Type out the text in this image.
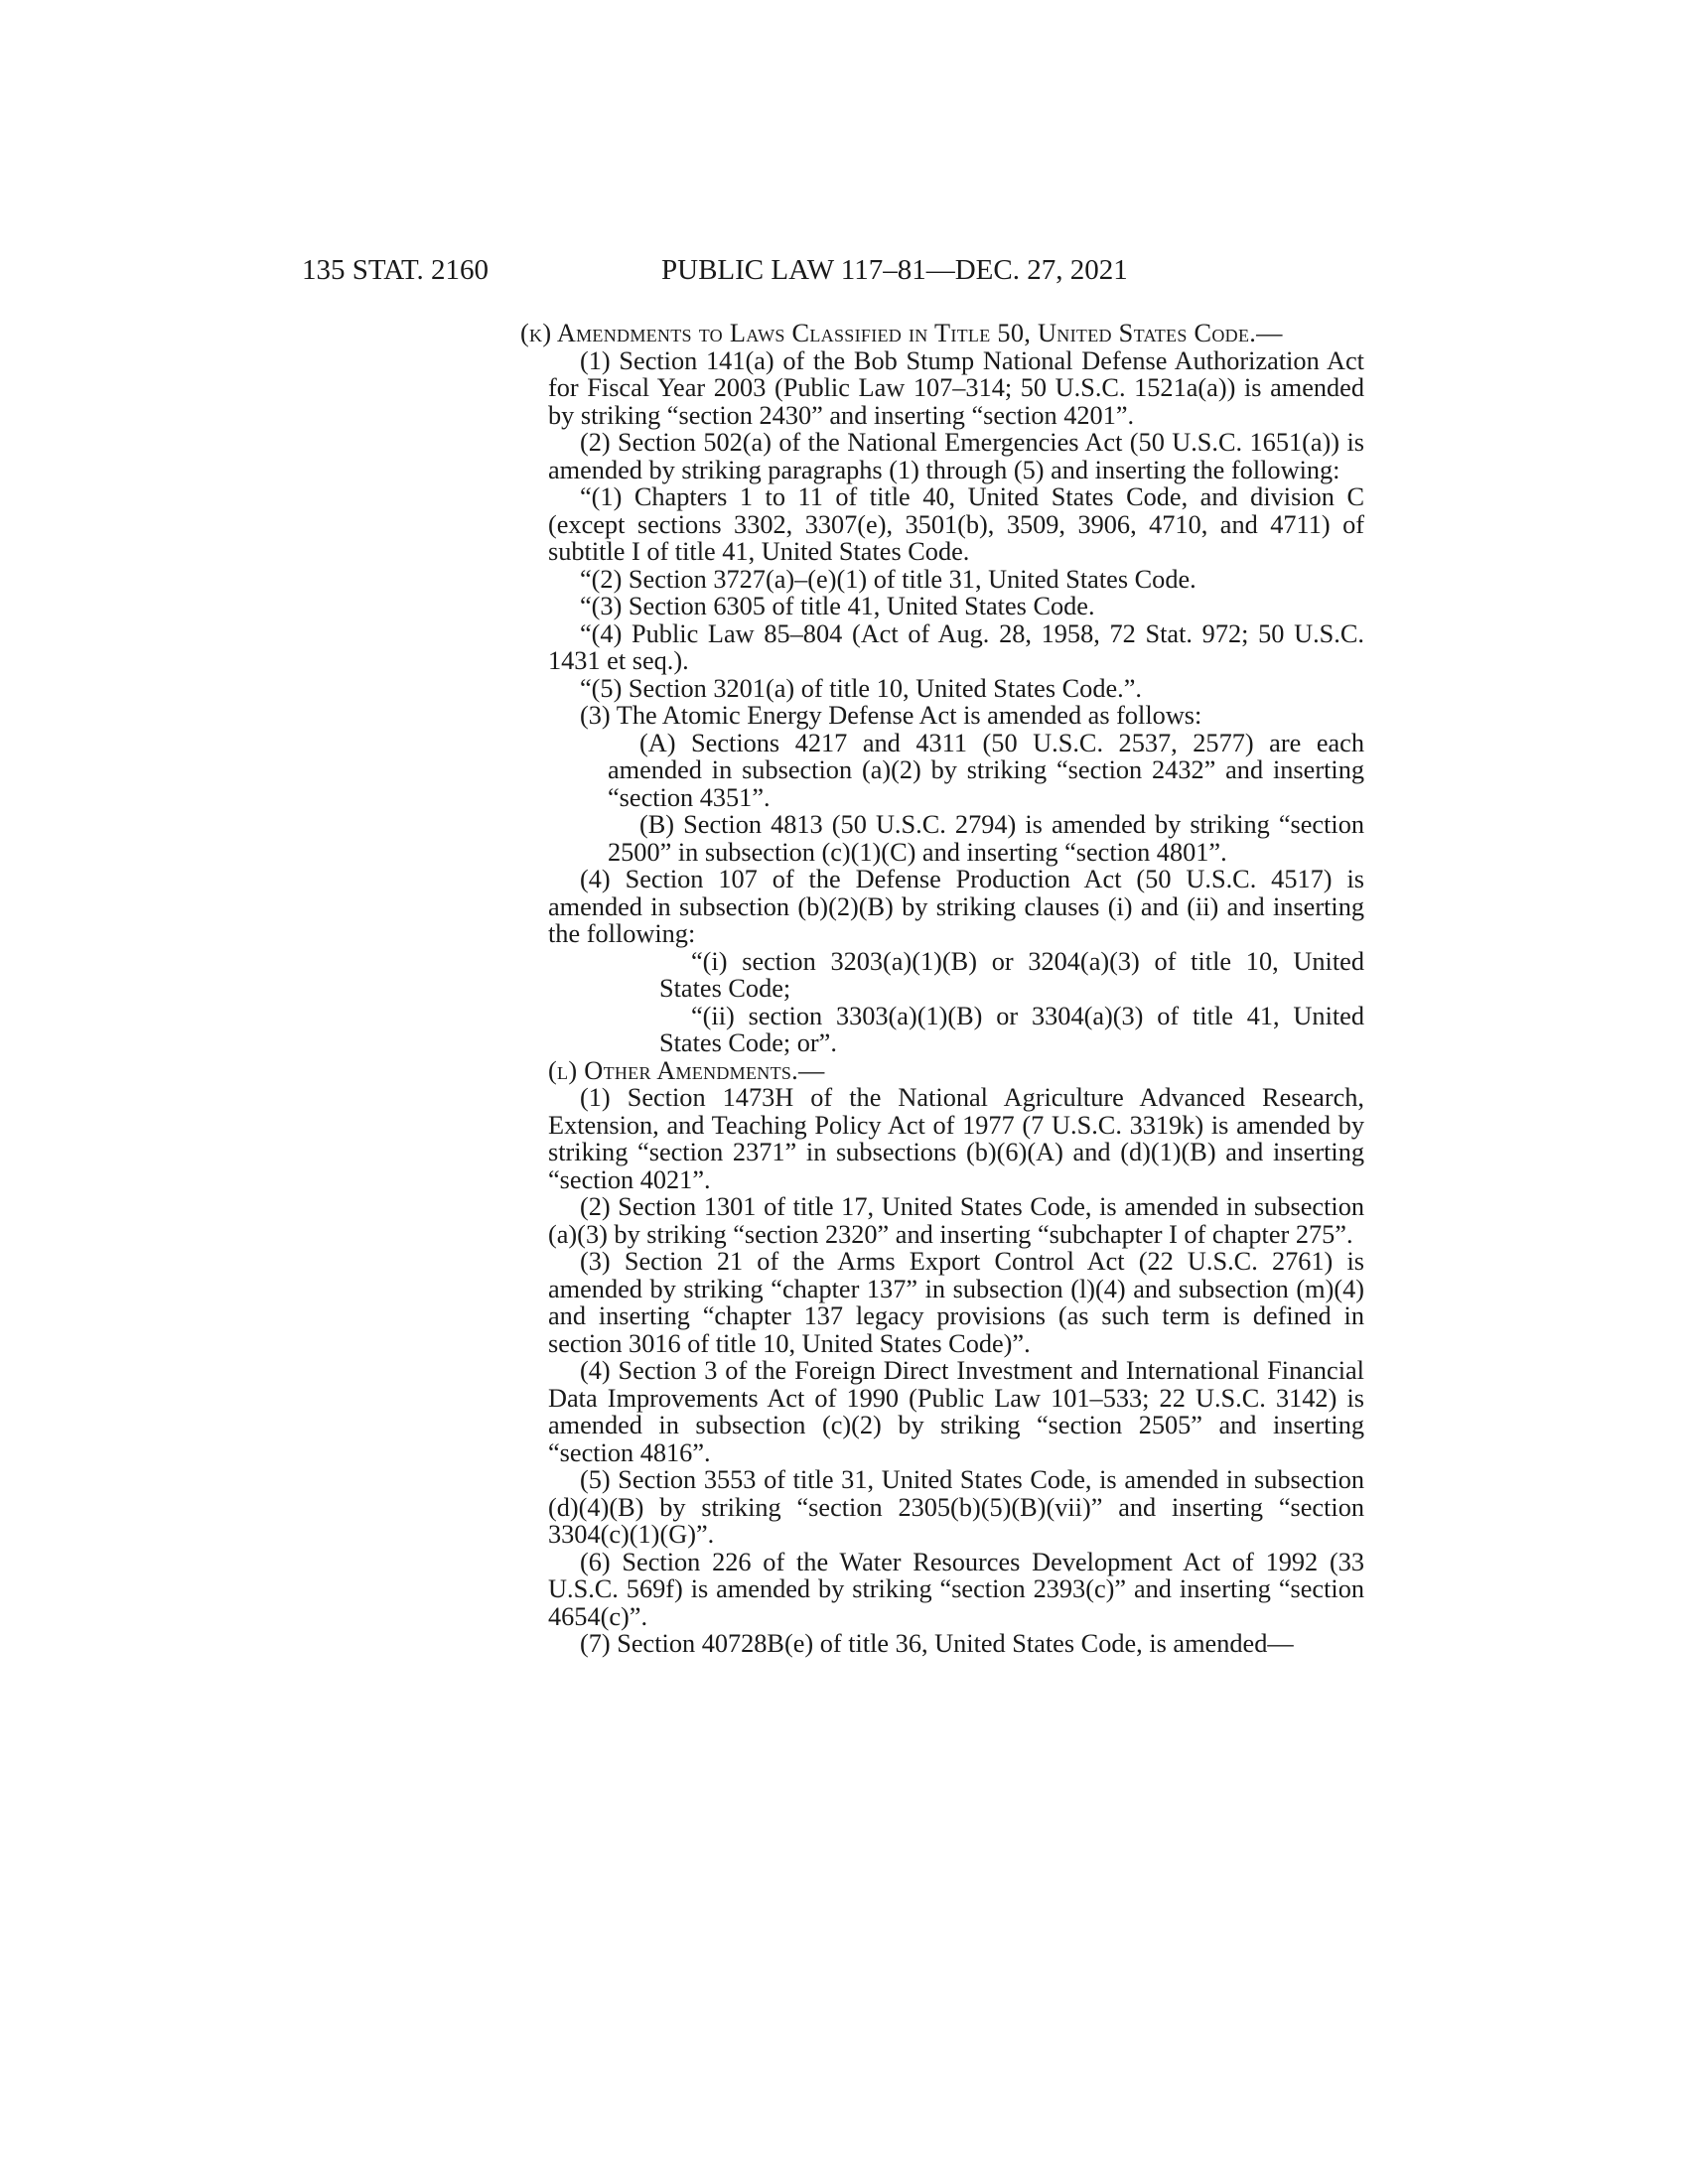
135 STAT. 2160	PUBLIC LAW 117–81—DEC. 27, 2021

(k) Amendments to Laws Classified in Title 50, United States Code.—

(1) Section 141(a) of the Bob Stump National Defense Authorization Act for Fiscal Year 2003 (Public Law 107–314; 50 U.S.C. 1521a(a)) is amended by striking “section 2430” and inserting “section 4201”.

(2) Section 502(a) of the National Emergencies Act (50 U.S.C. 1651(a)) is amended by striking paragraphs (1) through (5) and inserting the following:

“(1) Chapters 1 to 11 of title 40, United States Code, and division C (except sections 3302, 3307(e), 3501(b), 3509, 3906, 4710, and 4711) of subtitle I of title 41, United States Code.

“(2) Section 3727(a)–(e)(1) of title 31, United States Code.

“(3) Section 6305 of title 41, United States Code.

“(4) Public Law 85–804 (Act of Aug. 28, 1958, 72 Stat. 972; 50 U.S.C. 1431 et seq.).

“(5) Section 3201(a) of title 10, United States Code.”.

(3) The Atomic Energy Defense Act is amended as follows:

(A) Sections 4217 and 4311 (50 U.S.C. 2537, 2577) are each amended in subsection (a)(2) by striking “section 2432” and inserting “section 4351”.

(B) Section 4813 (50 U.S.C. 2794) is amended by striking “section 2500” in subsection (c)(1)(C) and inserting “section 4801”.

(4) Section 107 of the Defense Production Act (50 U.S.C. 4517) is amended in subsection (b)(2)(B) by striking clauses (i) and (ii) and inserting the following:

“(i) section 3203(a)(1)(B) or 3204(a)(3) of title 10, United States Code;

“(ii) section 3303(a)(1)(B) or 3304(a)(3) of title 41, United States Code; or”.

(l) Other Amendments.—

(1) Section 1473H of the National Agriculture Advanced Research, Extension, and Teaching Policy Act of 1977 (7 U.S.C. 3319k) is amended by striking “section 2371” in subsections (b)(6)(A) and (d)(1)(B) and inserting “section 4021”.

(2) Section 1301 of title 17, United States Code, is amended in subsection (a)(3) by striking “section 2320” and inserting “subchapter I of chapter 275”.

(3) Section 21 of the Arms Export Control Act (22 U.S.C. 2761) is amended by striking “chapter 137” in subsection (l)(4) and subsection (m)(4) and inserting “chapter 137 legacy provisions (as such term is defined in section 3016 of title 10, United States Code)”.

(4) Section 3 of the Foreign Direct Investment and International Financial Data Improvements Act of 1990 (Public Law 101–533; 22 U.S.C. 3142) is amended in subsection (c)(2) by striking “section 2505” and inserting “section 4816”.

(5) Section 3553 of title 31, United States Code, is amended in subsection (d)(4)(B) by striking “section 2305(b)(5)(B)(vii)” and inserting “section 3304(c)(1)(G)”.

(6) Section 226 of the Water Resources Development Act of 1992 (33 U.S.C. 569f) is amended by striking “section 2393(c)” and inserting “section 4654(c)”.

(7) Section 40728B(e) of title 36, United States Code, is amended—
